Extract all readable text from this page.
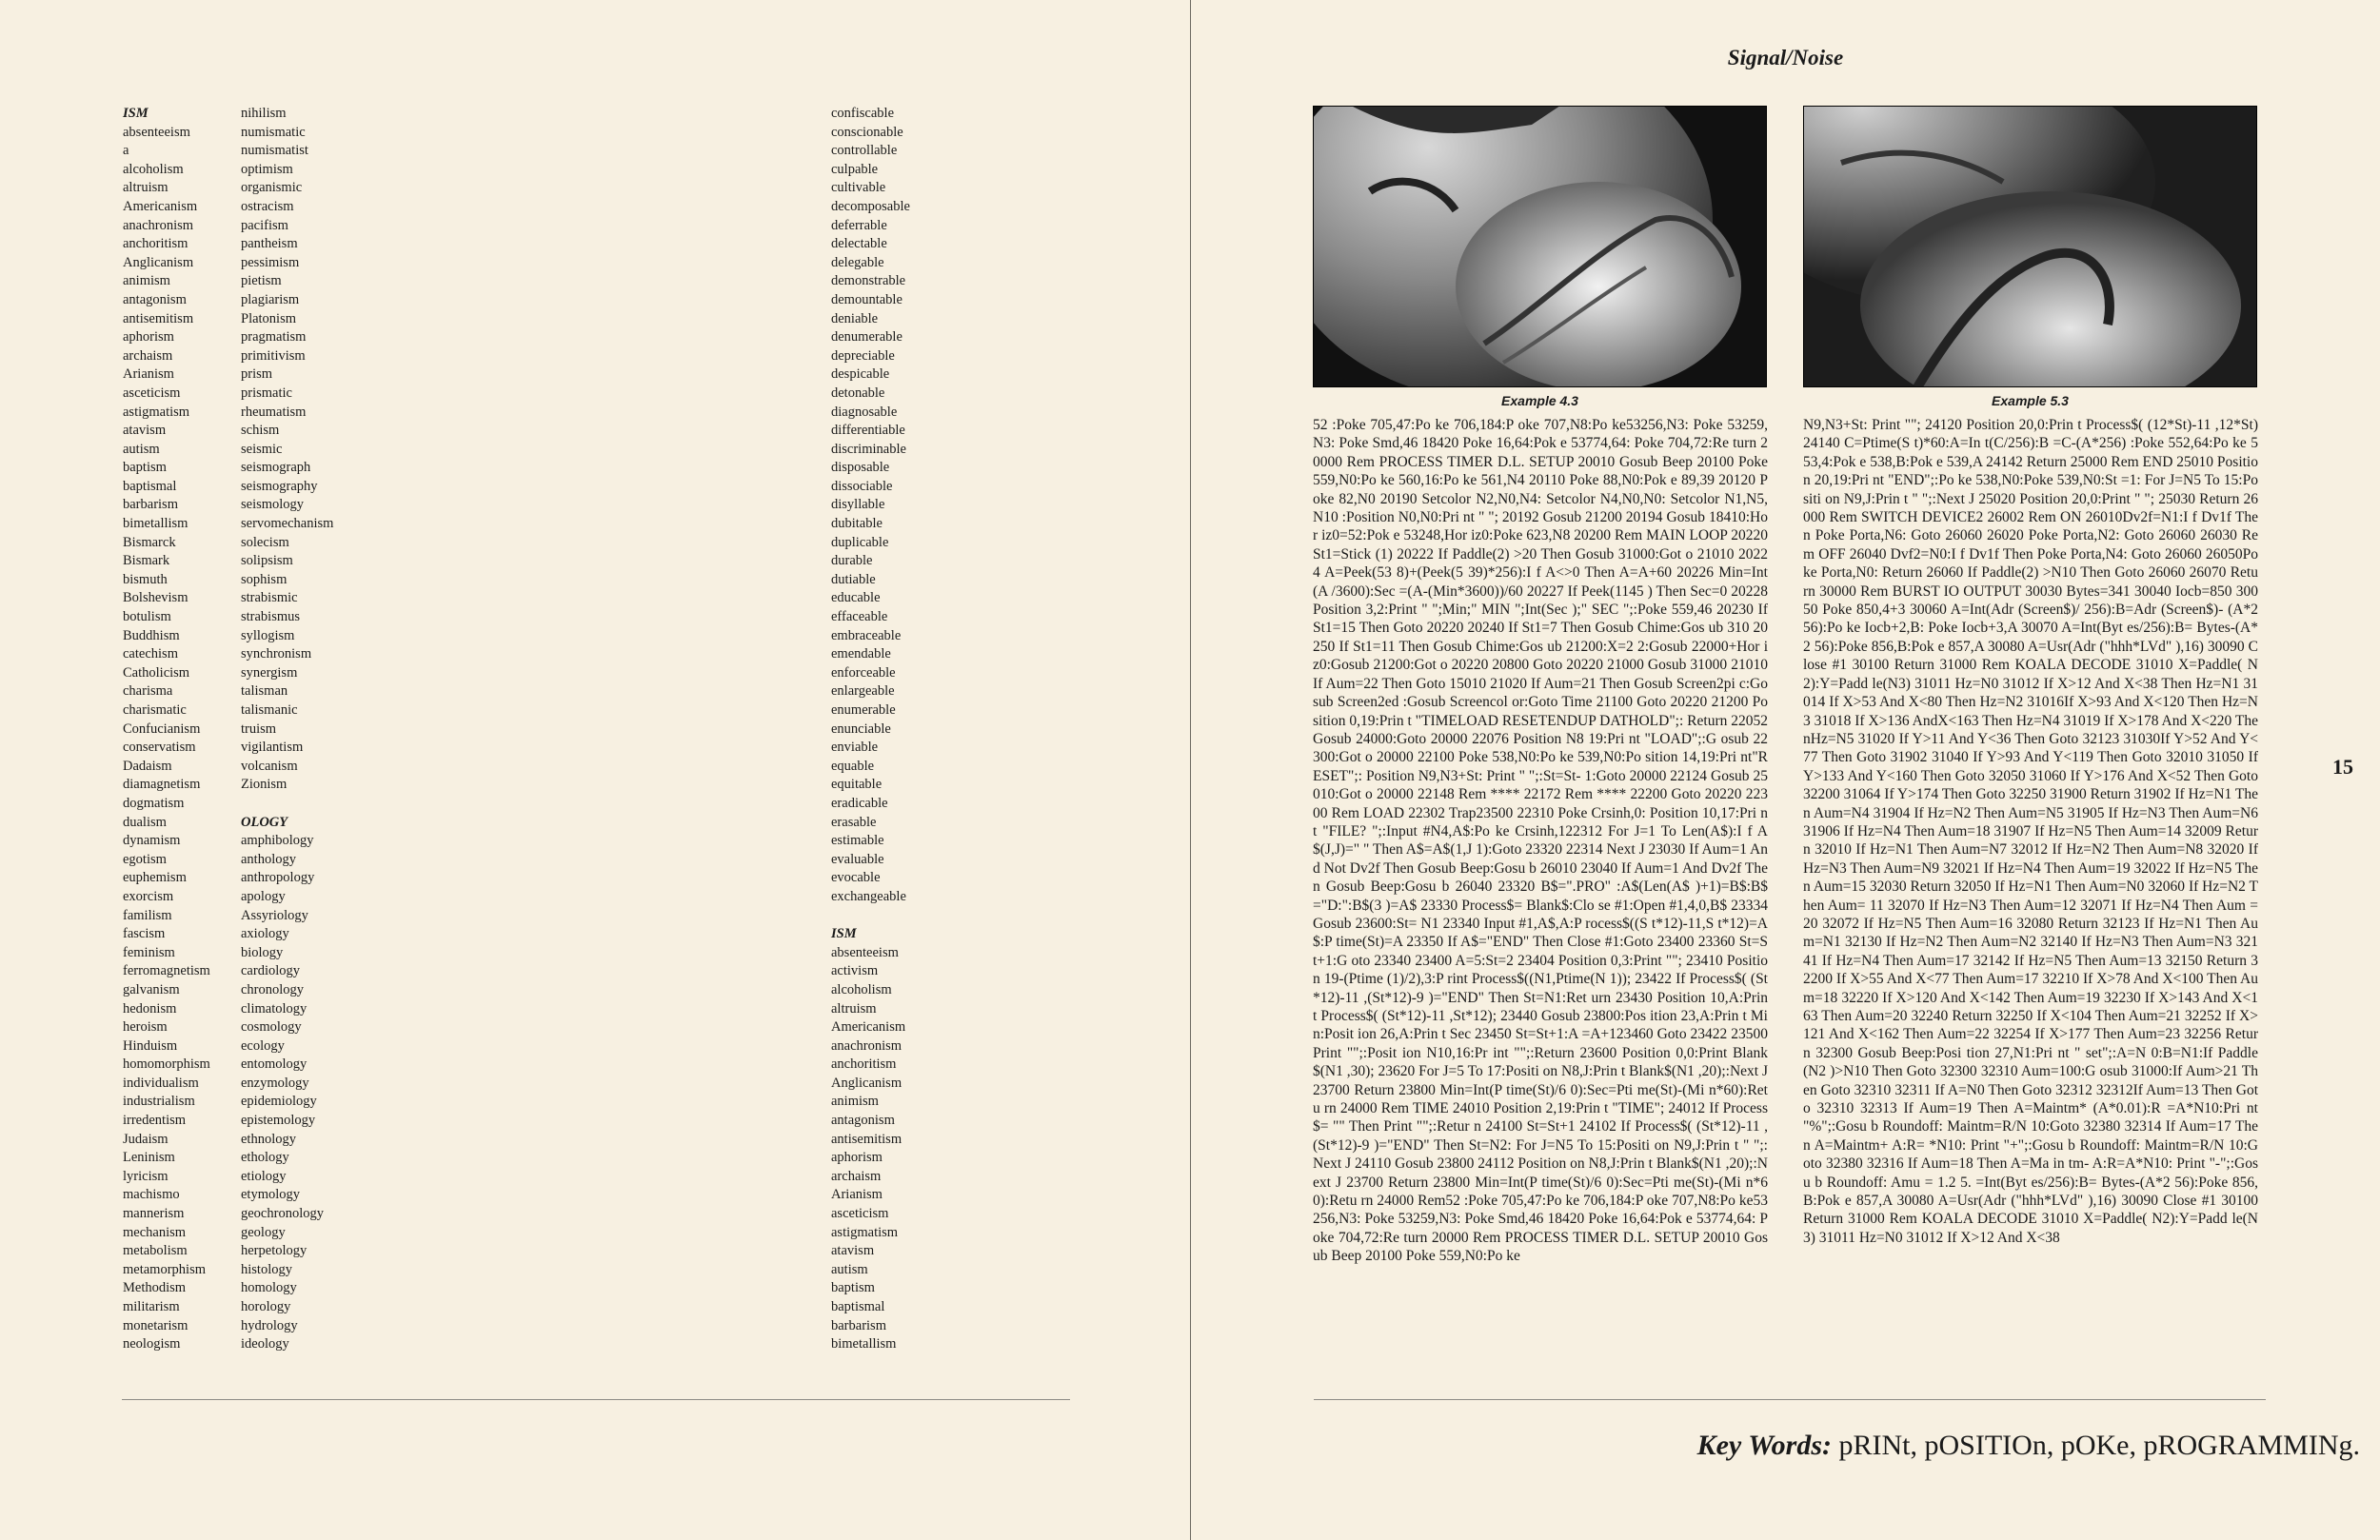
ISM
absenteeism
a
alcoholism
altruism
Americanism
anachronism
anchoritism
Anglicanism
animism
antagonism
antisemitism
aphorism
archaism
Arianism
asceticism
astigmatism
atavism
autism
baptism
baptismal
barbarism
bimetallism
Bismarck
Bismark
bismuth
Bolshevism
botulism
Buddhism
catechism
Catholicism
charisma
charismatic
Confucianism
conservatism
Dadaism
diamagnetism
dogmatism
dualism
dynamism
egotism
euphemism
exorcism
familism
fascism
feminism
ferromagnetism
galvanism
hedonism
heroism
Hinduism
homomorphism
individualism
industrialism
irredentism
Judaism
Leninism
lyricism
machismo
mannerism
mechanism
metabolism
metamorphism
Methodism
militarism
monetarism
neologism
nihilism
numismatic
numismatist
optimism
organismic
ostracism
pacifism
pantheism
pessimism
pietism
plagiarism
Platonism
pragmatism
primitivism
prism
prismatic
rheumatism
schism
seismic
seismograph
seismography
seismology
servomechanism
solecism
solipsism
sophism
strabismic
strabismus
syllogism
synchronism
synergism
talisman
talismanic
truism
vigilantism
volcanism
Zionism
OLOGY
amphibology
anthology
anthropology
apology
Assyriology
axiology
biology
cardiology
chronology
climatology
cosmology
ecology
entomology
enzymology
epidemiology
epistemology
ethnology
ethology
etiology
etymology
geochronology
geology
herpetology
histology
homology
horology
hydrology
ideology
confiscable
conscionable
controllable
culpable
cultivable
decomposable
deferrable
delectable
delegable
demonstrable
demountable
deniable
denumerable
depreciable
despicable
detonable
diagnosable
differentiable
discriminable
disposable
dissociable
disyllable
dubitable
duplicable
durable
dutiable
educable
effaceable
embraceable
emendable
enforceable
enlargeable
enumerable
enunciable
enviable
equable
equitable
eradicable
erasable
estimable
evaluable
evocable
exchangeable
ISM
absenteeism
activism
alcoholism
altruism
Americanism
anachronism
anchoritism
Anglicanism
animism
antagonism
antisemitism
aphorism
archaism
Arianism
asceticism
astigmatism
atavism
autism
baptism
baptismal
barbarism
bimetallism
Signal/Noise
Example 4.3	Example 5.3
52 :Poke 705,47:Po ke 706,184:P oke 707,N8:Po ke53256,N3: Poke 53259,N3: Poke Smd,46 18420 Poke 16,64:Pok e 53774,64: Poke 704,72:Re turn 20000 Rem PROCESS TIMER D.L. SETUP 20010 Gosub Beep 20100 Poke 559,N0:Po ke 560,16:Po ke 561,N4 20110 Poke 88,N0:Pok e 89,39 20120 Poke 82,N0 20190 Setcolor N2,N0,N4: Setcolor N4,N0,N0: Setcolor N1,N5,N10 :Position N0,N0:Pri nt " "; 20192 Gosub 21200 20194 Gosub 18410:Hor iz0=52:Pok e 53248,Hor iz0:Poke 623,N8 20200 Rem MAIN LOOP 20220 St1=Stick (1) 20222 If Paddle(2) >20 Then Gosub 31000:Got o 21010 20224 A=Peek(53 8)+(Peek(5 39)*256):I f A<>0 Then A=A+60 20226 Min=Int(A /3600):Sec =(A-(Min*3600))/60 20227 If Peek(1145 ) Then Sec=0 20228 Position 3,2:Print " ";Min;" MIN ";Int(Sec );" SEC ";:Poke 559,46 20230 If St1=15 Then Goto 20220 20240 If St1=7 Then Gosub Chime:Gos ub 310 20250 If St1=11 Then Gosub Chime:Gos ub 21200:X=2 2:Gosub 22000+Hor iz0:Gosub 21200:Got o 20220 20800 Goto 20220 21000 Gosub 31000 21010 If Aum=22 Then Goto 15010 21020 If Aum=21 Then Gosub Screen2pi c:Gosub Screen2ed :Gosub Screencol or:Goto Time 21100 Goto 20220 21200 Position 0,19:Prin t "TIMELOAD RESETENDUP DATHOLD";: Return 22052 Gosub 24000:Goto 20000 22076 Position N8 19:Pri nt "LOAD";:G osub 22300:Got o 20000 22100 Poke 538,N0:Po ke 539,N0:Po sition 14,19:Pri nt"RESET";: Position N9,N3+St: Print " ";:St=St- 1:Goto 20000 22124 Gosub 25010:Got o 20000 22148 Rem **** 22172 Rem **** 22200 Goto 20220 22300 Rem LOAD 22302 Trap23500 22310 Poke Crsinh,0: Position 10,17:Pri nt "FILE? ";:Input #N4,A$:Po ke Crsinh,122312 For J=1 To Len(A$):I f A$(J,J)=" " Then A$=A$(1,J 1):Goto 23320 22314 Next J 23030 If Aum=1 And Not Dv2f Then Gosub Beep:Gosu b 26010 23040 If Aum=1 And Dv2f Then Gosub Beep:Gosu b 26040 23320 B$=".PRO" :A$(Len(A$ )+1)=B$:B$ ="D:":B$(3 )=A$ 23330 Process$= Blank$:Clo se #1:Open #1,4,0,B$ 23334 Gosub 23600:St= N1 23340 Input #1,A$,A:P rocess$((S t*12)-11,S t*12)=A$:P time(St)=A 23350 If A$="END" Then Close #1:Goto 23400 23360 St=St+1:G oto 23340 23400 A=5:St=2 23404 Position 0,3:Print ""; 23410 Position 19-(Ptime (1)/2),3:P rint Process$((N1,Ptime(N 1)); 23422 If Process$( (St*12)-11 ,(St*12)-9 )="END" Then St=N1:Ret urn 23430 Position 10,A:Prin t Process$( (St*12)-11 ,St*12); 23440 Gosub 23800:Pos ition 23,A:Prin t Min:Posit ion 26,A:Prin t Sec 23450 St=St+1:A =A+123460 Goto 23422 23500 Print "";:Posit ion N10,16:Pr int "";:Return 23600 Position 0,0:Print Blank$(N1 ,30); 23620 For J=5 To 17:Positi on N8,J:Prin t Blank$(N1 ,20);:Next J 23700 Return 23800 Min=Int(P time(St)/6 0):Sec=Pti me(St)-(Mi n*60):Retu rn 24000 Rem TIME 24010 Position 2,19:Prin t "TIME"; 24012 If Process$= "" Then Print "";:Retur n 24100 St=St+1 24102 If Process$( (St*12)-11 ,(St*12)-9 )="END" Then St=N2: For J=N5 To 15:Positi on N9,J:Prin t " ";:Next J 24110 Gosub 23800 24112 Position on N8,J:Prin t Blank$(N1 ,20);:Next J 23700 Return 23800 Min=Int(P time(St)/6 0):Sec=Pti me(St)-(Mi n*60):Retu rn 24000 Rem52 :Poke 705,47:Po ke 706,184:P oke 707,N8:Po ke53256,N3: Poke 53259,N3: Poke Smd,46 18420 Poke 16,64:Pok e 53774,64: Poke 704,72:Re turn 20000 Rem PROCESS TIMER D.L. SETUP 20010 Gosub Beep 20100 Poke 559,N0:Po ke
N9,N3+St: Print ""; 24120 Position 20,0:Prin t Process$( (12*St)-11 ,12*St) 24140 C=Ptime(S t)*60:A=In t(C/256):B =C-(A*256) :Poke 552,64:Po ke 553,4:Pok e 538,B:Pok e 539,A 24142 Return 25000 Rem END 25010 Position 20,19:Pri nt "END";:Po ke 538,N0:Poke 539,N0:St =1: For J=N5 To 15:Positi on N9,J:Prin t " ";:Next J 25020 Position 20,0:Print " "; 25030 Return 26000 Rem SWITCH DEVICE2 26002 Rem ON 26010Dv2f=N1:I f Dv1f Then Poke Porta,N6: Goto 26060 26020 Poke Porta,N2: Goto 26060 26030 Rem OFF 26040 Dvf2=N0:I f Dv1f Then Poke Porta,N4: Goto 26060 26050Poke Porta,N0: Return 26060 If Paddle(2) >N10 Then Goto 26060 26070 Return 30000 Rem BURST IO OUTPUT 30030 Bytes=341 30040 Iocb=850 30050 Poke 850,4+3 30060 A=Int(Adr (Screen$)/ 256):B=Adr (Screen$)- (A*256):Po ke Iocb+2,B: Poke Iocb+3,A 30070 A=Int(Byt es/256):B= Bytes-(A*2 56):Poke 856,B:Pok e 857,A 30080 A=Usr(Adr ("hhh*LVd" ),16) 30090 Close #1 30100 Return 31000 Rem KOALA DECODE 31010 X=Paddle( N2):Y=Padd le(N3) 31011 Hz=N0 31012 If X>12 And X<38 Then Hz=N1 31014 If X>53 And X<80 Then Hz=N2 31016If X>93 And X<120 Then Hz=N3 31018 If X>136 AndX<163 Then Hz=N4 31019 If X>178 And X<220 ThenHz=N5 31020 If Y>11 And Y<36 Then Goto 32123 31030If Y>52 And Y<77 Then Goto 31902 31040 If Y>93 And Y<119 Then Goto 32010 31050 If Y>133 And Y<160 Then Goto 32050 31060 If Y>176 And X<52 Then Goto 32200 31064 If Y>174 Then Goto 32250 31900 Return 31902 If Hz=N1 Then Aum=N4 31904 If Hz=N2 Then Aum=N5 31905 If Hz=N3 Then Aum=N6 31906 If Hz=N4 Then Aum=18 31907 If Hz=N5 Then Aum=14 32009 Return 32010 If Hz=N1 Then Aum=N7 32012 If Hz=N2 Then Aum=N8 32020 If Hz=N3 Then Aum=N9 32021 If Hz=N4 Then Aum=19 32022 If Hz=N5 Then Aum=15 32030 Return 32050 If Hz=N1 Then Aum=N0 32060 If Hz=N2 Then Aum= 11 32070 If Hz=N3 Then Aum=12 32071 If Hz=N4 Then Aum =20 32072 If Hz=N5 Then Aum=16 32080 Return 32123 If Hz=N1 Then Aum=N1 32130 If Hz=N2 Then Aum=N2 32140 If Hz=N3 Then Aum=N3 32141 If Hz=N4 Then Aum=17 32142 If Hz=N5 Then Aum=13 32150 Return 32200 If X>55 And X<77 Then Aum=17 32210 If X>78 And X<100 Then Aum=18 32220 If X>120 And X<142 Then Aum=19 32230 If X>143 And X<163 Then Aum=20 32240 Return 32250 If X<104 Then Aum=21 32252 If X>121 And X<162 Then Aum=22 32254 If X>177 Then Aum=23 32256 Return 32300 Gosub Beep:Posi tion 27,N1:Pri nt " set";:A=N 0:B=N1:If Paddle(N2 )>N10 Then Goto 32300 32310 Aum=100:G osub 31000:If Aum>21 Then Goto 32310 32311 If A=N0 Then Goto 32312 32312If Aum=13 Then Goto 32310 32313 If Aum=19 Then A=Maintm* (A*0.01):R =A*N10:Pri nt "%";:Gosu b Roundoff: Maintm=R/N 10:Goto 32380 32314 If Aum=17 Then A=Maintm+ A:R= *N10: Print "+";:Gosu b Roundoff: Maintm=R/N 10:Goto 32380 32316 If Aum=18 Then A=Ma in tm- A:R=A*N10: Print "-";:Gosu b Roundoff: Amu = 1.2 5. =Int(Byt es/256):B= Bytes-(A*2 56):Poke 856,B:Pok e 857,A 30080 A=Usr(Adr ("hhh*LVd" ),16) 30090 Close #1 30100 Return 31000 Rem KOALA DECODE 31010 X=Paddle( N2):Y=Padd le(N3) 31011 Hz=N0 31012 If X>12 And X<38
15
Key Words: pRINt, pOSITIOn, pOKe, pROGRAMMINg.
